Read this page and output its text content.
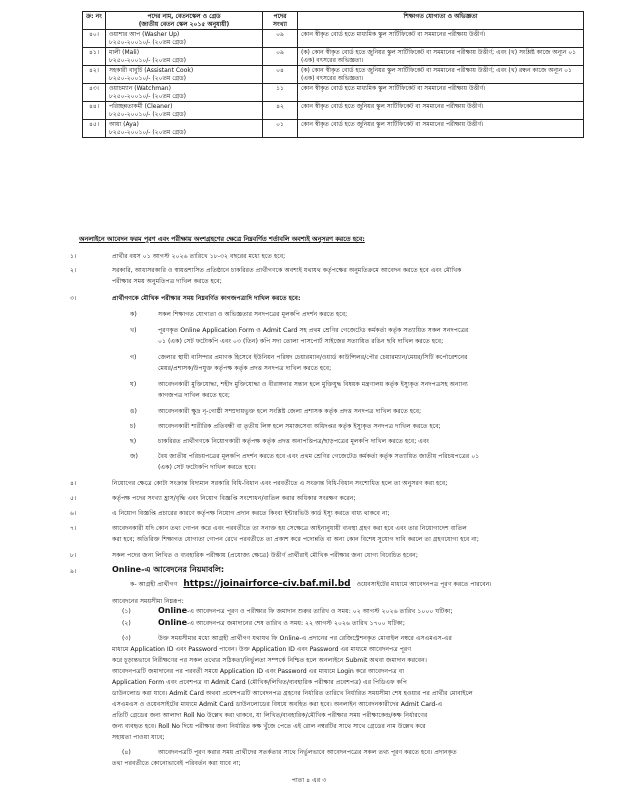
ক্র: নং	পদের নাম, বেতনস্কেল ও গ্রেড
(জাতীয় বেতন স্কেল ২০১৫ অনুযায়ী)	পদের সংখ্যা	শিক্ষাগত যোগ্যতা ও অভিজ্ঞতা
৪০।	ওয়াশার আপ (Washer Up)
৮২৫০-২০০১০/- (২০তম গ্রেড)	০৯	কোন স্বীকৃত বোর্ড হতে মাধ্যমিক স্কুল সার্টিফিকেট বা সমমানের পরীক্ষায় উত্তীর্ণ।
৪১।	মালী (Mali)
৮২৫০-২০০১০/- (২০তম গ্রেড)	০৯	(ক) কোন স্বীকৃত বোর্ড হতে জুনিয়র স্কুল সার্টিফিকেট বা সমমানের পরীক্ষায় উত্তীর্ণ; এবং (খ) সংশ্লিষ্ট কাজে অন্যূন ০১ (এক) বৎসরের অভিজ্ঞতা।
৪২।	সহকারী বাবুর্চি (Assistant Cook)
৮২৫০-২০০১০/- (২০তম গ্রেড)	০৪	(ক) কোন স্বীকৃত বোর্ড হতে জুনিয়র স্কুল সার্টিফিকেট বা সমমানের পরীক্ষায় উত্তীর্ণ; এবং (খ) রন্ধন কাজে অন্যূন ০১ (এক) বৎসরের অভিজ্ঞতা।
৪৩।	ওয়াচম্যান (Watchman)
৮২৫০-২০০১০/- (২০তম গ্রেড)	১১	কোন স্বীকৃত বোর্ড হতে মাধ্যমিক স্কুল সার্টিফিকেট বা সমমানের পরীক্ষায় উত্তীর্ণ।
৪৪।	পরিচ্ছন্নতাকর্মী (Cleaner)
৮২৫০-২০০১০/- (২০তম গ্রেড)	৪২	কোন স্বীকৃত বোর্ড হতে জুনিয়র স্কুল সার্টিফিকেট বা সমমানের পরীক্ষায় উত্তীর্ণ।
৪৫।	আয়া (Aya)
৮২৫০-২০০১০/- (২০তম গ্রেড)	০১	কোন স্বীকৃত বোর্ড হতে জুনিয়র স্কুল সার্টিফিকেট বা সমমানের পরীক্ষায় উত্তীর্ণ।
অনলাইনে আবেদন ফরম পূরণ এবং পরীক্ষায় অংশগ্রহণের ক্ষেত্রে নিম্নবর্ণিত শর্তাবলি অবশ্যই অনুসরণ করতে হবে:
১।	প্রার্থীর বয়স ০১ আগস্ট ২০২৬ তারিখে ১৮-৩২ বছরের মধ্যে হতে হবে;
২।	সরকারি, আধাসরকারি ও স্বায়ত্তশাসিত প্রতিষ্ঠানে চাকরিরত প্রার্থীগণকে অবশ্যই যথাযথ কর্তৃপক্ষের অনুমতিক্রমে আবেদন করতে হবে এবং মৌখিক
পরীক্ষার সময় অনুমতিপত্র দাখিল করতে হবে;
৩।	প্রার্থীগণকে মৌখিক পরীক্ষার সময় নিম্নবর্ণিত কাগজপত্রাদি দাখিল করতে হবে:
ক)	সকল শিক্ষাগত যোগ্যতা ও অভিজ্ঞতার সনদপত্রের মূলকপি প্রদর্শন করতে হবে;
খ)	পূরণকৃত Online Application Form ও Admit Card সহ প্রথম শ্রেণির গেজেটেড কর্মকর্তা কর্তৃক সত্যায়িত সকল সনদপত্রের
০১ (এক) সেট ফটোকপি এবং ০৩ (তিন) কপি সদ্য তোলা পাসপোর্ট সাইজের সত্যায়িত রঙিন ছবি দাখিল করতে হবে;
গ)	জেলার স্থায়ী বাসিন্দার প্রমাণক হিসেবে ইউনিয়ন পরিষদ চেয়ারম্যান/ওয়ার্ড কাউন্সিলর/পৌর চেয়ারম্যান/মেয়র/সিটি কর্পোরেশনের
মেয়র/প্রশাসক/উপযুক্ত কর্তৃপক্ষ কর্তৃক প্রদত্ত সনদপত্র দাখিল করতে হবে;
ঘ)	আবেদনকারী মুক্তিযোদ্ধা, শহীদ মুক্তিযোদ্ধা ও বীরাঙ্গনার সন্তান হলে মুক্তিযুদ্ধ বিষয়ক মন্ত্রণালয় কর্তৃক ইস্যুকৃত সনদপত্রসহ অন্যান্য
কাগজপত্র দাখিল করতে হবে;
ঙ)	আবেদনকারী ক্ষুদ্র নৃ-গোষ্ঠী সম্প্রদায়ভুক্ত হলে সংশ্লিষ্ট জেলা প্রশাসক কর্তৃক প্রদত্ত সনদপত্র দাখিল করতে হবে;
চ)	আবেদনকারী শারীরিক প্রতিবন্ধী বা তৃতীয় লিঙ্গ হলে সমাজসেবা অধিদপ্তর কর্তৃক ইস্যুকৃত সনদপত্র দাখিল করতে হবে;
ছ)	চাকরিরত প্রার্থীগণকে নিয়োগকারী কর্তৃপক্ষ কর্তৃক প্রদত্ত অনাপত্তিপত্র/ছাড়পত্রের মূলকপি দাখিল করতে হবে; এবং
জ)	বৈধ জাতীয় পরিচয়পত্রের মূলকপি প্রদর্শন করতে হবে এবং প্রথম শ্রেণির গেজেটেড কর্মকর্তা কর্তৃক সত্যায়িত জাতীয় পরিচয়পত্রের ০১
(এক) সেট ফটোকপি দাখিল করতে হবে।
৪।	নিয়োগের ক্ষেত্রে কোটা সংক্রান্ত বিদ্যমান সরকারি বিধি-বিধান এবং পরবর্তীতে এ সংক্রান্ত বিধি-বিধান সংশোধিত হলে তা অনুসরণ করা হবে;
৫।	কর্তৃপক্ষ পদের সংখ্যা হ্রাস/বৃদ্ধি এবং নিয়োগ বিজ্ঞপ্তি সংশোধন/বাতিল করার অধিকার সংরক্ষণ করেন;
৬।	এ নিয়োগ বিজ্ঞপ্তি প্রচারের কারণে কর্তৃপক্ষ নিয়োগ প্রদান করতে কিংবা ইন্টারভিউ কার্ড ইস্যু করতে বাধ্য থাকবে না;
৭।	আবেদনকারী যদি কোন তথ্য গোপন করে এবং পরবর্তীতে তা সনাক্ত হয় সেক্ষেত্রে আইনানুযায়ী ব্যবস্থা গ্রহণ করা হবে এবং তার নিয়োগাদেশ বাতিল
করা হবে; অতিরিক্ত শিক্ষাগত যোগ্যতা গোপন রেখে পরবর্তীতে তা প্রকাশ করে পদোন্নতি বা অন্য কোন বিশেষ সুযোগ দাবি করলে তা গ্রহণযোগ্য হবে না;
৮।	সকল পদের জন্য লিখিত ও ব্যবহারিক পরীক্ষায় (প্রযোজ্য ক্ষেত্রে) উত্তীর্ণ প্রার্থীরাই মৌখিক পরীক্ষার জন্য যোগ্য বিবেচিত হবেন;
৯।
আবেদনের সময়সীমা নিম্নরূপ:
উক্ত সময়সীমার মধ্যে আগ্রহী প্রার্থীগণ যথাযথ ফি Online-এ প্রদানের পর রেজিস্ট্রেশনকৃত মোবাইল নম্বরে এসএমএস-এর
মাধ্যমে Application ID এবং Password পাবেন। উক্ত Application ID এবং Password এর মাধ্যমে আবেদনপত্র পূরণ
করে চূড়ান্তভাবে নিরীক্ষণের পর সকল তথ্যের সঠিকতা/নির্ভুলতা সম্পর্কে নিশ্চিত হলে অনলাইনে Submit অথবা জমাদান করবেন।
আবেদনপত্রটি জমাদানের পর পরবর্তী সময়ে Application ID এবং Password এর মাধ্যমে Login করে আবেদনপত্র বা
Application Form এবং প্রবেশপত্র বা Admit Card (মৌখিক/লিখিত/ব্যবহারিক পরীক্ষার প্রবেশপত্র) এর পিডিএফ কপি
ডাউনলোড করা যাবে। Admit Card অথবা প্রবেশপত্রটি আবেদনপত্র গ্রহণের নির্ধারিত তারিখে নির্ধারিত সময়সীমা শেষ হওয়ার পর প্রার্থীর মোবাইলে
এসএমএস ও ওয়েবসাইটের মাধ্যমে Admit Card ডাউনলোডের বিষয়ে অবহিত করা হবে। অনলাইন আবেদনকারীদের Admit Card-এ
প্রতিটি গ্রেডের জন্য আলাদা Roll No উল্লেখ করা থাকবে, যা লিখিত/ব্যবহারিক/মৌখিক পরীক্ষার সময় পরীক্ষাকেন্দ্র/কক্ষ নির্ধারণের
জন্য ব্যবহৃত হবে। Roll No দিয়ে পরীক্ষার জন্য নির্ধারিত কক্ষ খুঁজে পেতে এই রোল নম্বরটির সাথে সাথে গ্রেডের নাম উল্লেখ করে
সহায়তা পাওয়া যাবে;
(৪)	আবেদনপত্রটি পূরণ করার সময় প্রার্থীদের সতর্কতার সাথে নির্ভুলভাবে আবেদনপত্রের সকল তথ্য পূরণ করতে হবে। প্রদানকৃত
তথ্য পরবর্তীতে কোনোভাবেই পরিবর্তন করা যাবে না;
(১)
(২)
(৩)
Online-এ আবেদনের নিয়মাবলি:
ক- আগ্রহী প্রার্থীগণ https://joinairforce-civ.baf.mil.bd ওয়েবসাইটের মাধ্যমে আবেদনপত্র পূরণ করতে পারবেন।
Online-এ আবেদনপত্র পূরণ ও পরীক্ষার ফি জমাদান শুরুর তারিখ ও সময়: ০২ আগস্ট ২০২৬ তারিখ ১০০০ ঘটিকা;
Online-এ আবেদনপত্র জমাদানের শেষ তারিখ ও সময়: ২২ আগস্ট ২০২৬ তারিখ ১৭০০ ঘটিকা;
পাতা ৪ এর ৩
